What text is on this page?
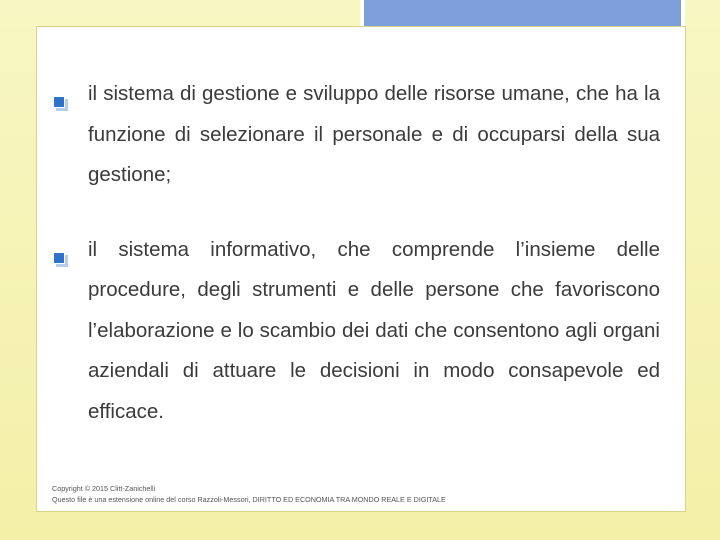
il sistema di gestione e sviluppo delle risorse umane, che ha la funzione di selezionare il personale e di occuparsi della sua gestione;
il sistema informativo, che comprende l’insieme delle procedure, degli strumenti e delle persone che favoriscono l’elaborazione e lo scambio dei dati che consentono agli organi aziendali di attuare le decisioni in modo consapevole ed efficace.
Copyright © 2015 Clitt-Zanichelli
Questo file è una estensione online del corso Razzoli-Messori, DIRITTO ED ECONOMIA TRA MONDO REALE E DIGITALE
